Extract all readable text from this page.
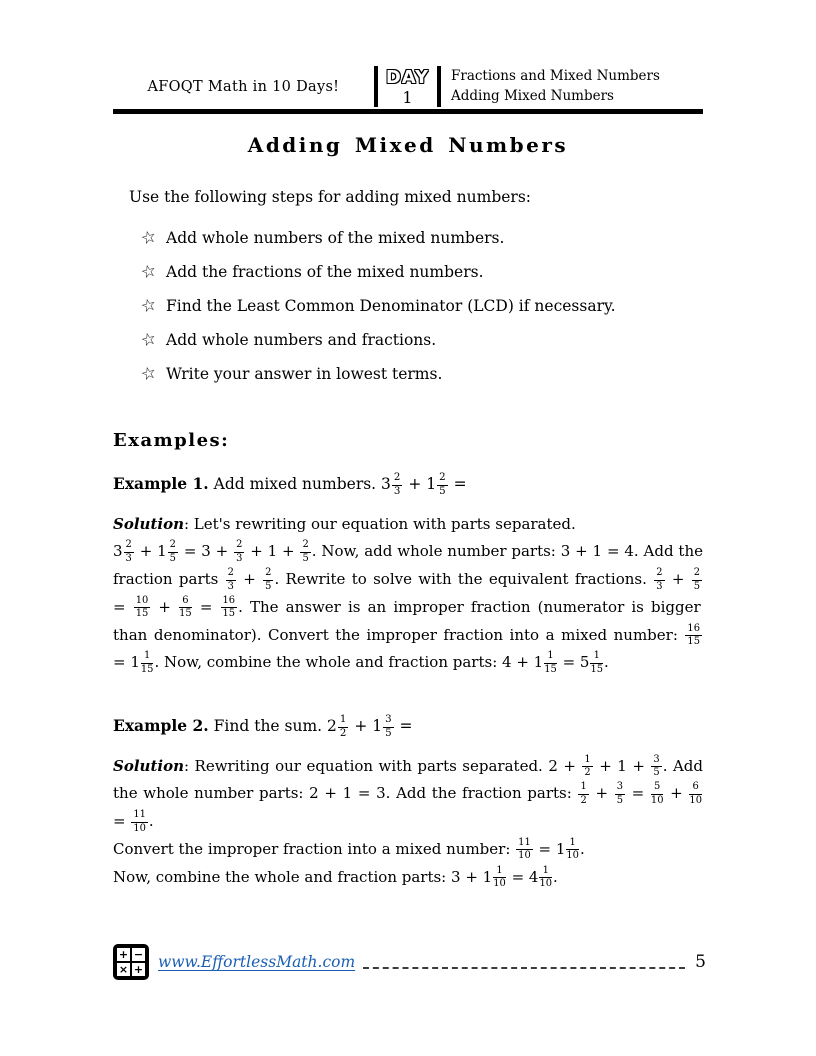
AFOQT Math in 10 Days!	DAY
1
Fractions and Mixed Numbers
Adding Mixed Numbers
Adding Mixed Numbers

Use the following steps for adding mixed numbers:

☆ Add whole numbers of the mixed numbers.
☆ Add the fractions of the mixed numbers.
☆ Find the Least Common Denominator (LCD) if necessary.
☆ Add whole numbers and fractions.
☆ Write your answer in lowest terms.
Examples:

Example 1. Add mixed numbers. $3 \frac{2}{3} + 1 \frac{2}{5}$ =

Solution: Let's rewriting our equation with parts separated.
$3 \frac{2}{3} + 1 \frac{2}{5} = 3 + \frac{2}{3} + 1 + \frac{2}{5}$ . Now, add whole number parts: 3 + 1 = 4. Add the fraction parts $\frac{2}{3} + \frac{2}{5}$ . Rewrite to solve with the equivalent fractions. $\frac{2}{3} + \frac{2}{5}$
= $\frac{10}{15} + \frac{6}{15} = \frac{16}{15}$ . The answer is an improper fraction (numerator is bigger than denominator). Convert the improper fraction into a mixed number: $\frac{16}{15}$
= $1 \frac{1}{15}$ . Now, combine the whole and fraction parts: $4 + 1 \frac{1}{15} = 5 \frac{1}{15}$ .

Example 2. Find the sum. $2 \frac{1}{2} + 1 \frac{3}{5}$ =

Solution: Rewriting our equation with parts separated. $2 + \frac{1}{2} + 1 + \frac{3}{5}$ . Add the whole number parts: 2 + 1 = 3. Add the fraction parts: $\frac{1}{2} + \frac{3}{5} = \frac{5}{10} + \frac{6}{10}$
= $\frac{11}{10}$ .
Convert the improper fraction into a mixed number: $\frac{11}{10} = 1 \frac{1}{10}$ .
Now, combine the whole and fraction parts: $3 + 1 \frac{1}{10} = 4 \frac{1}{10}$ .

+ −
× + www.EffortlessMath.com	5
